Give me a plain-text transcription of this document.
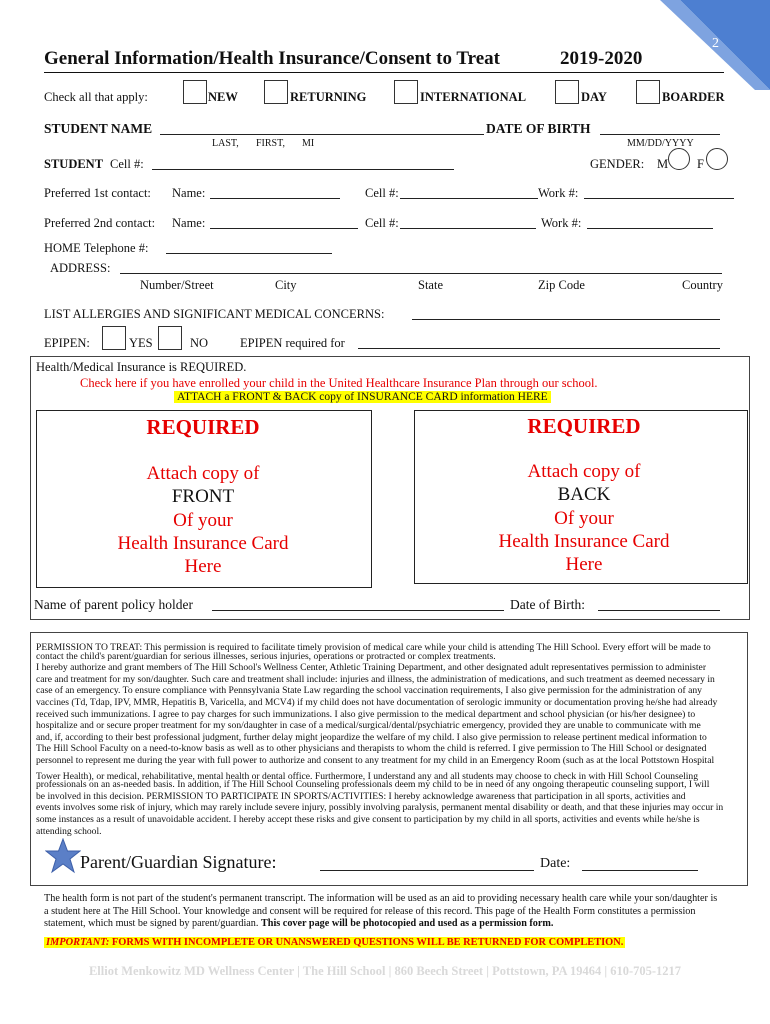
2
General Information/Health Insurance/Consent to Treat	2019-2020
Check all that apply:	NEW	RETURNING	INTERNATIONAL	DAY	BOARDER
STUDENT NAME	DATE OF BIRTH
LAST, FIRST, MI	MM/DD/YYYY
STUDENT Cell #:	GENDER: M F
Preferred 1st contact: Name:	Cell #:	Work #:
Preferred 2nd contact: Name:	Cell #:	Work #:
HOME Telephone #:
ADDRESS:
Number/Street	City	State	Zip Code	Country
LIST ALLERGIES AND SIGNIFICANT MEDICAL CONCERNS:
EPIPEN:	YES	NO	EPIPEN required for
Health/Medical Insurance is REQUIRED.
Check here if you have enrolled your child in the United Healthcare Insurance Plan through our school.
ATTACH a FRONT & BACK copy of INSURANCE CARD information HERE
REQUIRED
Attach copy of
FRONT
Of your
Health Insurance Card
Here
REQUIRED
Attach copy of
BACK
Of your
Health Insurance Card
Here
Name of parent policy holder	Date of Birth:
PERMISSION TO TREAT: This permission is required to facilitate timely provision of medical care while your child is attending The Hill School. Every effort will be made to
contact the child's parent/guardian for serious illnesses, serious injuries, operations or protracted or complex treatments.
I hereby authorize and grant members of The Hill School's Wellness Center, Athletic Training Department, and other designated adult representatives permission to administer
care and treatment for my son/daughter. Such care and treatment shall include: injuries and illness, the administration of medications, and such treatment as deemed necessary in
case of an emergency. To ensure compliance with Pennsylvania State Law regarding the school vaccination requirements, I also give permission for the administration of any
vaccines (Td, Tdap, IPV, MMR, Hepatitis B, Varicella, and MCV4) if my child does not have documentation of serologic immunity or documentation proving he/she had already
received such immunizations. I agree to pay charges for such immunizations. I also give permission to the medical department and school physician (or his/her designee) to
hospitalize and or secure proper treatment for my son/daughter in case of a medical/surgical/dental/psychiatric emergency, provided they are unable to communicate with me
and, if, according to their best professional judgment, further delay might jeopardize the welfare of my child. I also give permission to release pertinent medical information to
The Hill School Faculty on a need-to-know basis as well as to other physicians and therapists to whom the child is referred. I give permission to The Hill School or designated
personnel to represent me during the year with full power to authorize and consent to any treatment for my child in an Emergency Room (such as at the local Pottstown Hospital
Tower Health), or medical, rehabilitative, mental health or dental office. Furthermore, I understand any and all students may choose to check in with Hill School Counseling
professionals on an as-needed basis. In addition, if The Hill School Counseling professionals deem my child to be in need of any ongoing therapeutic counseling support, I will
be involved in this decision. PERMISSION TO PARTICIPATE IN SPORTS/ACTIVITIES: I hereby acknowledge awareness that participation in all sports, activities and
events involves some risk of injury, which may rarely include severe injury, possibly involving paralysis, permanent mental disability or death, and that these injuries may occur in
some instances as a result of unavoidable accident. I hereby accept these risks and give consent to participation by my child in all sports, activities and events while he/she is
attending school.
Parent/Guardian Signature:	Date:
The health form is not part of the student's permanent transcript. The information will be used as an aid to providing necessary health care while your son/daughter is
a student here at The Hill School. Your knowledge and consent will be required for release of this record. This page of the Health Form constitutes a permission
statement, which must be signed by parent/guardian. This cover page will be photocopied and used as a permission form.
IMPORTANT: FORMS WITH INCOMPLETE OR UNANSWERED QUESTIONS WILL BE RETURNED FOR COMPLETION.
Elliot Menkowitz MD Wellness Center | The Hill School | 860 Beech Street | Pottstown, PA 19464 | 610-705-1217
